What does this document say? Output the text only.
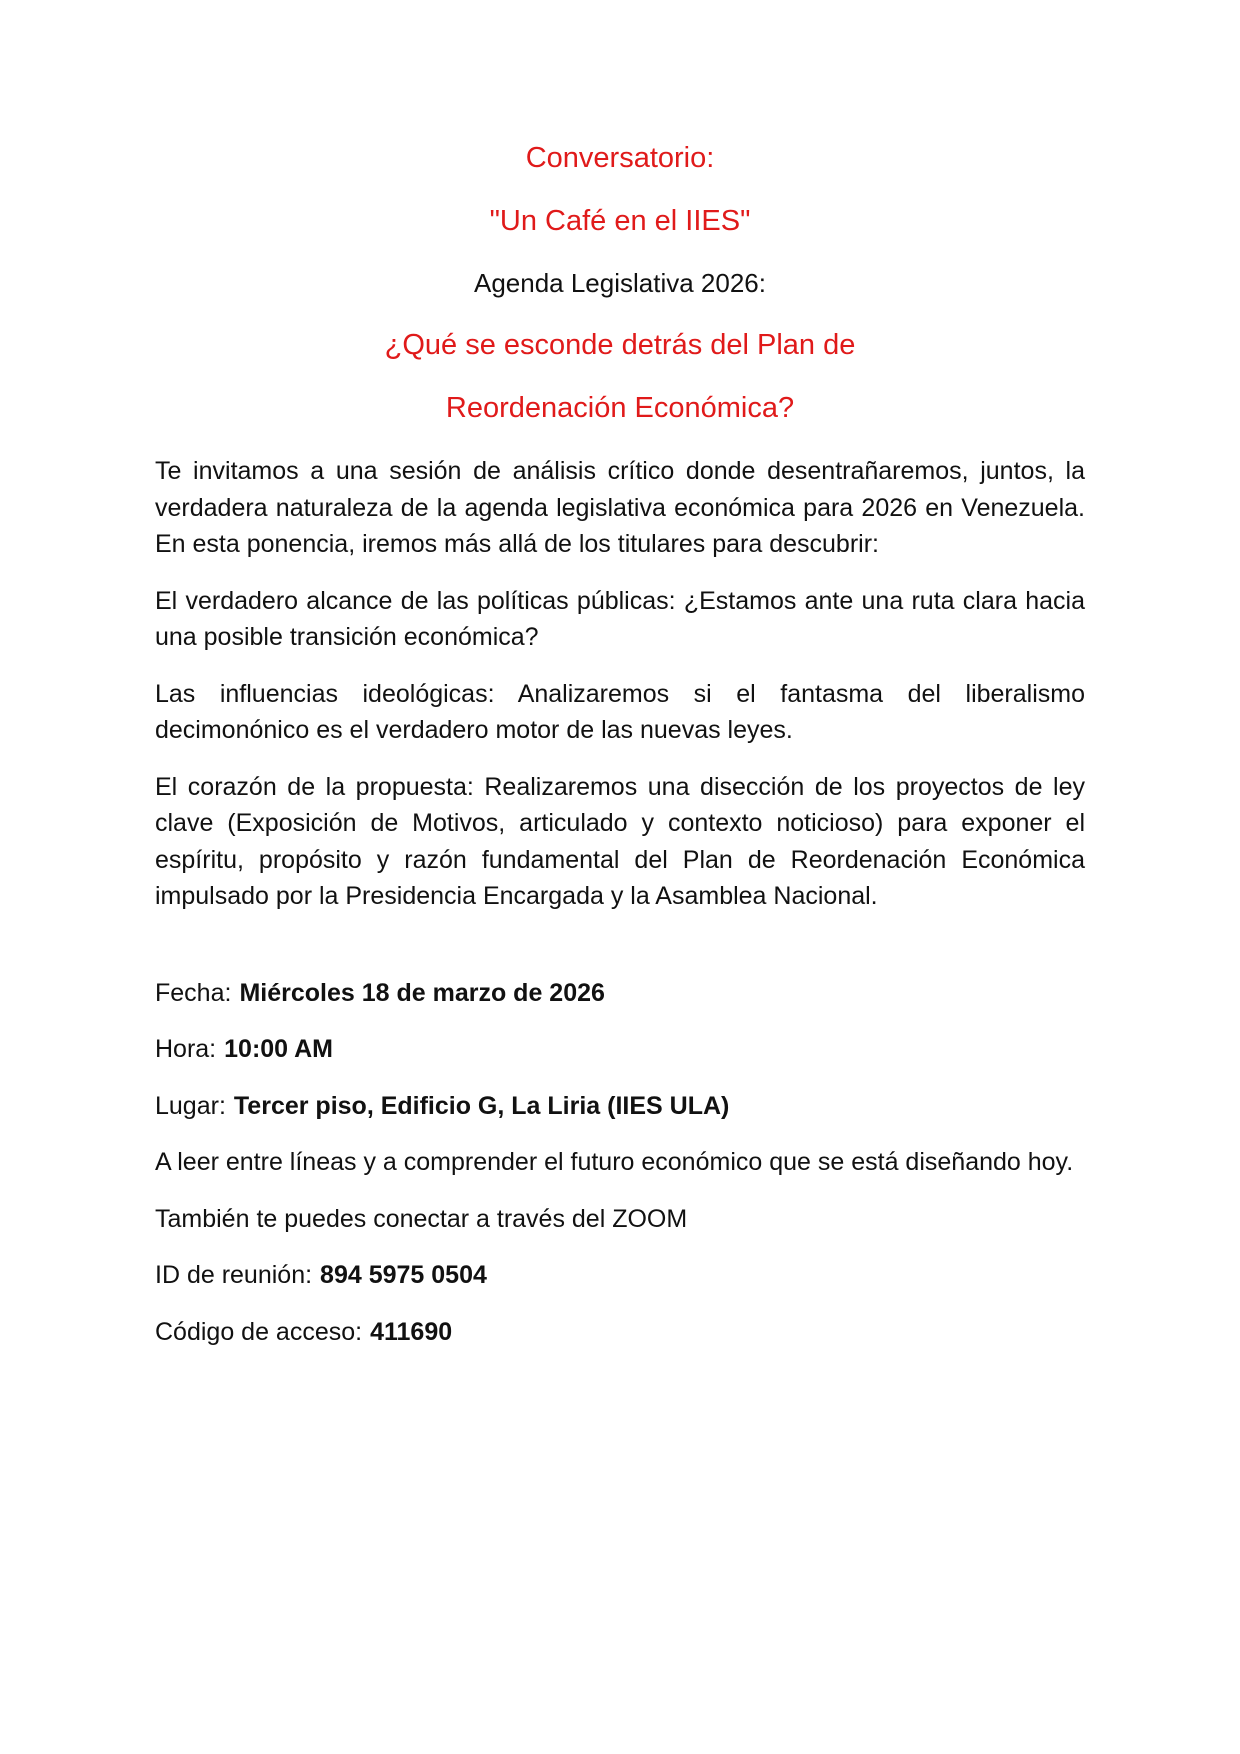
Conversatorio:
"Un Café en el IIES"
Agenda Legislativa 2026:
¿Qué se esconde detrás del Plan de
Reordenación Económica?

Te invitamos a una sesión de análisis crítico donde desentrañaremos, juntos, la verdadera naturaleza de la agenda legislativa económica para 2026 en Venezuela. En esta ponencia, iremos más allá de los titulares para descubrir:

El verdadero alcance de las políticas públicas: ¿Estamos ante una ruta clara hacia una posible transición económica?

Las influencias ideológicas: Analizaremos si el fantasma del liberalismo decimonónico es el verdadero motor de las nuevas leyes.

El corazón de la propuesta: Realizaremos una disección de los proyectos de ley clave (Exposición de Motivos, articulado y contexto noticioso) para exponer el espíritu, propósito y razón fundamental del Plan de Reordenación Económica impulsado por la Presidencia Encargada y la Asamblea Nacional.

Fecha: Miércoles 18 de marzo de 2026

Hora: 10:00 AM

Lugar: Tercer piso, Edificio G, La Liria (IIES ULA)

A leer entre líneas y a comprender el futuro económico que se está diseñando hoy.

También te puedes conectar a través del ZOOM

ID de reunión: 894 5975 0504

Código de acceso: 411690
